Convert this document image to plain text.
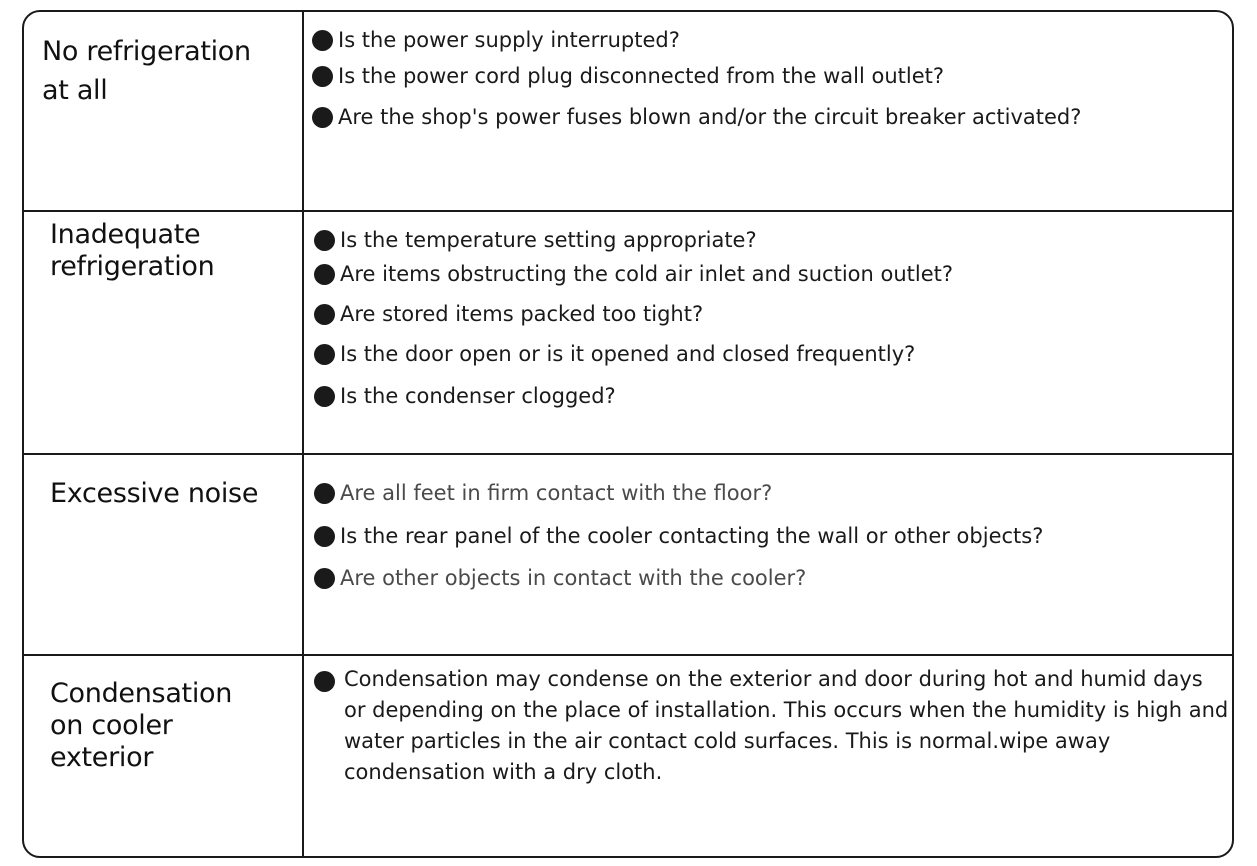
No refrigeration
at all
Is the power supply interrupted?
Is the power cord plug disconnected from the wall outlet?
Are the shop's power fuses blown and/or the circuit breaker activated?
Inadequate
refrigeration
Is the temperature setting appropriate?
Are items obstructing the cold air inlet and suction outlet?
Are stored items packed too tight?
Is the door open or is it opened and closed frequently?
Is the condenser clogged?
Excessive noise	Are all feet in firm contact with the floor?
Is the rear panel of the cooler contacting the wall or other objects?
Are other objects in contact with the cooler?
Condensation
on cooler
exterior
Condensation may condense on the exterior and door during hot and humid days or depending on the place of installation. This occurs when the humidity is high and water particles in the air contact cold surfaces. This is normal.wipe away condensation with a dry cloth.
